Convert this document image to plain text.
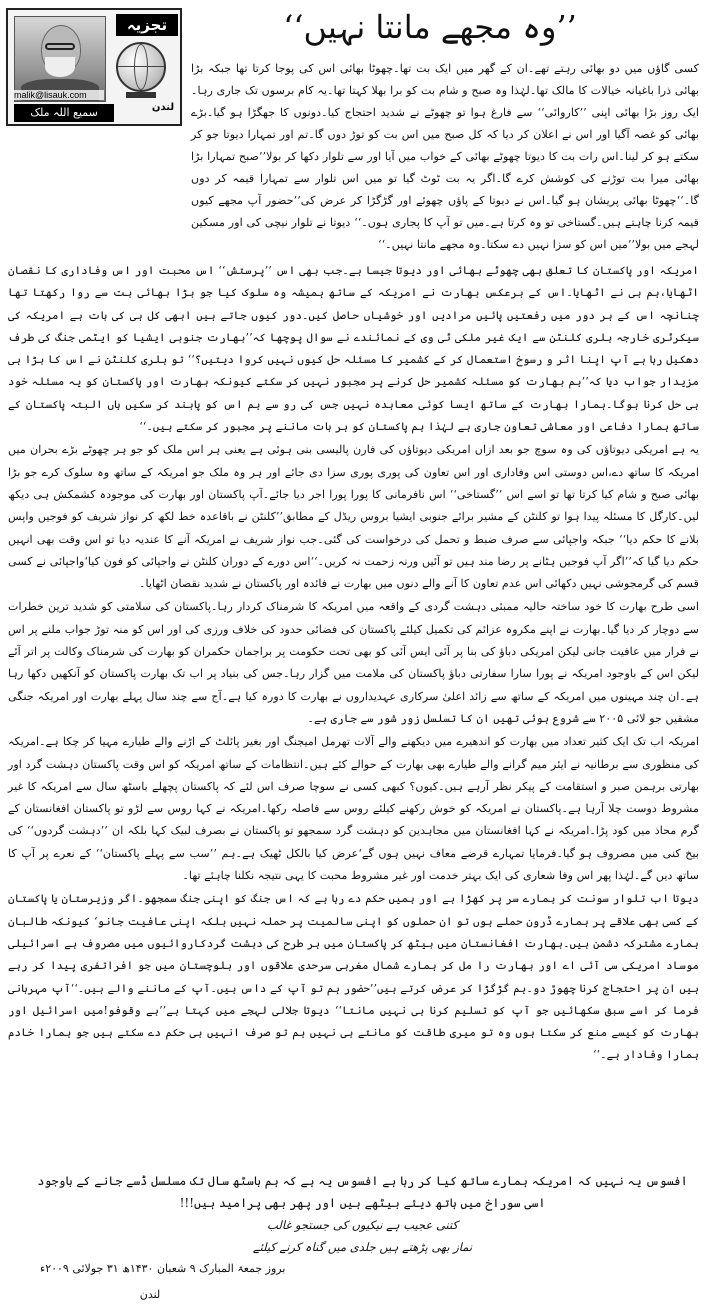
تجزیہ
malik@lisauk.com
سمیع اللہ ملک	لندن
’’وہ مجھے مانتا نہیں‘‘

کسی گاؤں میں دو بھائی رہتے تھے۔ان کے گھر میں ایک بت تھا۔چھوٹا بھائی اس کی پوجا کرتا تھا جبکہ بڑا بھائی ذرا باغیانہ خیالات کا مالک تھا۔لہٰذا وہ صبح و شام بت کو برا بھلا کہتا تھا۔یہ کام برسوں تک جاری رہا۔ایک روز بڑا بھائی اپنی ’’کاروائی‘‘ سے فارغ ہوا تو چھوٹے نے شدید احتجاج کیا۔دونوں کا جھگڑا ہو گیا۔بڑے بھائی کو غصہ آگیا اور اس نے اعلان کر دیا کہ کل صبح میں اس بت کو توڑ دوں گا۔تم اور تمہارا دیوتا جو کر سکتے ہو کر لینا۔اس رات بت کا دیوتا چھوٹے بھائی کے خواب میں آیا اور سے تلوار دکھا کر بولا’’صبح تمہارا بڑا بھائی میرا بت توڑنے کی کوشش کرے گا۔اگر یہ بت ٹوٹ گیا تو میں اس تلوار سے تمہارا قیمہ کر دوں گا۔‘‘چھوٹا بھائی پریشان ہو گیا۔اس نے دیوتا کے پاؤں چھوئے اور گڑگڑا کر عرض کی’’حضور آپ مجھے کیوں قیمہ کرنا چاہتے ہیں۔گستاخی تو وہ کرتا ہے۔میں تو آپ کا پجاری ہوں۔‘‘ دیوتا نے تلوار نیچی کی اور مسکین لہجے میں بولا’’میں اس کو سزا نہیں دے سکتا۔وہ مجھے مانتا نہیں۔‘‘

امریکہ اور پاکستان کا تعلق بھی چھوٹے بھائی اور دیوتا جیسا ہے۔جب بھی اس ’’پرستش‘‘ اس محبت اور اس وفاداری کا نقصان اٹھایا،ہم ہی نے اٹھایا۔اس کے برعکس بھارت نے امریکہ کے ساتھ ہمیشہ وہ سلوک کیا جو بڑا بھائی بت سے روا رکھتا تھا چنانچہ اس کے ہر دور میں رفعتیں پائیں مرادیں اور خوشیاں حاصل کیں۔دور کیوں جاتے ہیں ابھی کل ہی کی بات ہے امریکہ کی سیکرٹری خارجہ ہلری کلنٹن سے ایک غیر ملکی ٹی وی کے نمائندے نے سوال پوچھا کہ’’بھارت جنوبی ایشیا کو ایٹمی جنگ کی طرف دھکیل رہا ہے آپ اپنا اثر و رسوخ استعمال کر کے کشمیر کا مسئلہ حل کیوں نہیں کروا دیتیں؟‘‘ تو ہلری کلنٹن نے اس کا بڑا ہی مزیدار جواب دیا کہ’’ہم بھارت کو مسئلہ کشمیر حل کرنے پر مجبور نہیں کر سکتے کیونکہ بھارت اور پاکستان کو یہ مسئلہ خود ہی حل کرنا ہوگا۔ہمارا بھارت کے ساتھ ایسا کوئی معاہدہ نہیں جس کی رو سے ہم اس کو پابند کر سکیں ہاں البتہ پاکستان کے ساتھ ہمارا دفاعی اور معاشی تعاون جاری ہے لہٰذا ہم پاکستان کو ہر بات ماننے پر مجبور کر سکتے ہیں۔‘‘

یہ ہے امریکی دیوتاؤں کی وہ سوچ جو بعد ازاں امریکی دیوتاؤں کی فارن پالیسی بنی ہوئی ہے یعنی ہر اس ملک کو جو ہر چھوٹے بڑے بحران میں امریکہ کا ساتھ دے،اس دوستی اس وفاداری اور اس تعاون کی پوری پوری سزا دی جائے اور ہر وہ ملک جو امریکہ کے ساتھ وہ سلوک کرے جو بڑا بھائی صبح و شام کیا کرتا تھا تو اسے اس ’’گستاخی‘‘ اس نافرمانی کا پورا پورا اجر دیا جائے۔آپ پاکستان اور بھارت کی موجودہ کشمکش ہی دیکھ لیں۔کارگل کا مسئلہ پیدا ہوا تو کلنٹن کے مشیر برائے جنوبی ایشیا بروس ریڈل کے مطابق’’کلنٹن نے باقاعدہ خط لکھ کر نواز شریف کو فوجیں واپس بلانے کا حکم دیا‘‘ جبکہ واجپائی سے صرف ضبط و تحمل کی درخواست کی گئی۔جب نواز شریف نے امریکہ آنے کا عندیہ دیا تو اس وقت بھی انہیں حکم دیا گیا کہ’’اگر آپ فوجیں ہٹانے پر رضا مند ہیں تو آئیں ورنہ زحمت نہ کریں۔‘‘اس دورے کے دوران کلنٹن نے واجپائی کو فون کیا‘واجپائی نے کسی قسم کی گرمجوشی نہیں دکھائی اس عدم تعاون کا آنے والے دنوں میں بھارت نے فائدہ اور پاکستان نے شدید نقصان اٹھایا۔

اسی طرح بھارت کا خود ساختہ حالیہ ممبئی دہشت گردی کے واقعہ میں امریکہ کا شرمناک کردار رہا۔پاکستان کی سلامتی کو شدید ترین خطرات سے دوچار کر دیا گیا۔بھارت نے اپنے مکروہ عزائم کی تکمیل کیلئے پاکستان کی فضائی حدود کی خلاف ورزی کی اور اس کو منہ توڑ جواب ملنے پر اس نے فرار میں عافیت جانی لیکن امریکی دباؤ کی بنا پر آئی ایس آئی کو بھی تحت حکومت پر براجمان حکمران کو بھارت کی شرمناک وکالت پر اتر آئے لیکن اس کے باوجود امریکہ نے پورا سارا سفارتی دباؤ پاکستان کی ملامت میں گزار رہا۔جس کی بنیاد پر اب تک بھارت پاکستان کو آنکھیں دکھا رہا ہے۔ان چند مہینوں میں امریکہ کے ساتھ سے زائد اعلیٰ سرکاری عہدیداروں نے بھارت کا دورہ کیا ہے۔آج سے چند سال پہلے بھارت اور امریکہ جنگی مشقیں جو لائی ۲۰۰۵ سے شروع ہوئی تھیں ان کا تسلسل زور شور سے جاری ہے۔

امریکہ اب تک ایک کثیر تعداد میں بھارت کو اندھیرے میں دیکھنے والے آلات تھرمل امیجنگ اور بغیر پائلٹ کے اڑنے والے طیارے مہیا کر چکا ہے۔امریکہ کی منظوری سے برطانیہ نے ایئر میم گرانے والے طیارے بھی بھارت کے حوالے کئے ہیں۔انتظامات کے ساتھ امریکہ کو اس وقت پاکستان دہشت گرد اور بھارتی برہمن صبر و استقامت کے پیکر نظر آرہے ہیں۔کیوں؟ کبھی کسی نے سوچا صرف اس لئے کہ پاکستان پچھلے باسٹھ سال سے امریکہ کا غیر مشروط دوست چلا آرہا ہے۔پاکستان نے امریکہ کو خوش رکھنے کیلئے روس سے فاصلہ رکھا۔امریکہ نے کہا روس سے لڑو تو پاکستان افغانستان کے گرم محاذ میں کود پڑا۔امریکہ نے کہا افغانستان میں مجاہدین کو دہشت گرد سمجھو تو پاکستان نے بصرف لبیک کہا بلکہ ان ’’دہشت گردوں‘‘ کی بیخ کنی میں مصروف ہو گیا۔فرمایا تمہارے قرضے معاف نہیں ہوں گے‘عرض کیا بالکل ٹھیک ہے۔ہم ’’سب سے پہلے پاکستان‘‘ کے نعرے پر آپ کا ساتھ دیں گے۔لہٰذا پھر اس وفا شعاری کی ایک بہتر خدمت اور غیر مشروط محبت کا یہی نتیجہ نکلنا چاہئے تھا۔

دیوتا اب تلوار سونت کر ہمارے سر پر کھڑا ہے اور ہمیں حکم دے رہا ہے کہ اس جنگ کو اپنی جنگ سمجھو۔اگر وزیرستان یا پاکستان کے کسی بھی علاقے پر ہمارے ڈرون حملے ہوں تو ان حملوں کو اپنی سالمیت پر حملہ نہیں بلکہ اپنی عافیت جانو‘ کیونکہ طالبان ہمارے مشترکہ دشمن ہیں۔بھارت افغانستان میں بیٹھ کر پاکستان میں ہر طرح کی دہشت گردکاروائیوں میں مصروف ہے اسرائیلی موساد امریکی سی آئی اے اور بھارت را مل کر ہمارے شمال مغربی سرحدی علاقوں اور بلوچستان میں جو افراتفری پیدا کر رہے ہیں ان پر احتجاج کرنا چھوڑ دو۔ہم گڑگڑا کر عرض کرتے ہیں’’حضور ہم تو آپ کے داس ہیں۔آپ کے ماننے والے ہیں۔‘‘آپ مہربانی فرما کر اسے سبق سکھائیں جو آپ کو تسلیم کرنا ہی نہیں مانتا‘‘ دیوتا جلالی لہجے میں کہتا ہے’’بے وقوفو!میں اسرائیل اور بھارت کو کیسے منع کر سکتا ہوں وہ تو میری طاقت کو مانتے ہی نہیں ہم تو صرف انہیں ہی حکم دے سکتے ہیں جو ہمارا خادم ہمارا وفادار ہے۔‘‘

افسوس یہ نہیں کہ امریکہ ہمارے ساتھ کیا کر رہا ہے افسوس یہ ہے کہ ہم باسٹھ سال تک مسلسل ڈسے جانے کے باوجود اسی سوراخ میں ہاتھ دیئے بیٹھے ہیں اور پھر بھی پرامید ہیں!!!

کتنی عجیب ہے نیکیوں کی جستجو غالب

نماز بھی پڑھتے ہیں جلدی میں گناہ کرنے کیلئے

بروز جمعۃ المبارک ۹ شعبان ۱۴۳۰ھ ۳۱ جولائی ۲۰۰۹ء
لندن
